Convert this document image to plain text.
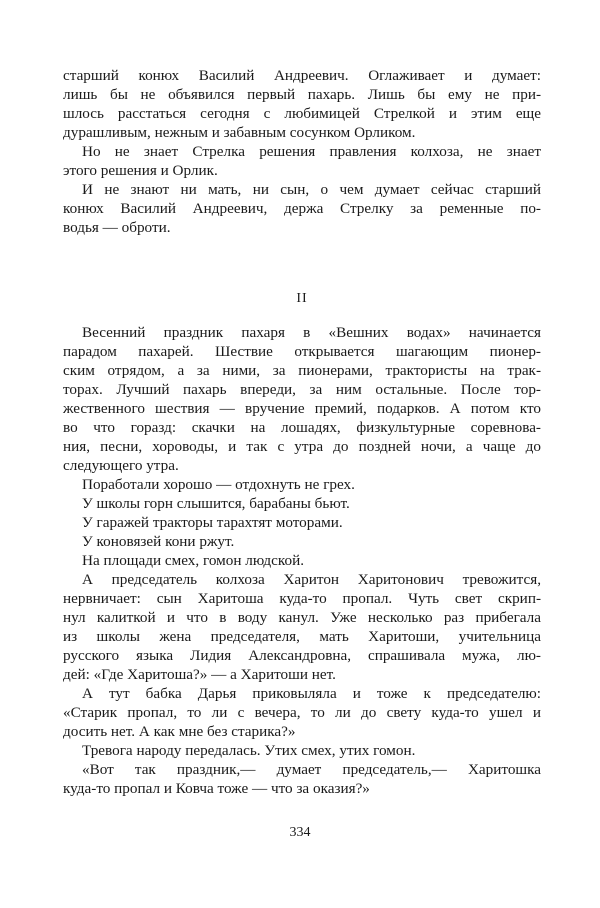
старший конюх Василий Андреевич. Оглаживает и думает:
лишь бы не объявился первый пахарь. Лишь бы ему не при-
шлось расстаться сегодня с любимицей Стрелкой и этим еще
дурашливым, нежным и забавным сосунком Орликом.
Но не знает Стрелка решения правления колхоза, не знает
этого решения и Орлик.
И не знают ни мать, ни сын, о чем думает сейчас старший
конюх Василий Андреевич, держа Стрелку за ременные по-
водья — оброти.
II
Весенний праздник пахаря в «Вешних водах» начинается
парадом пахарей. Шествие открывается шагающим пионер-
ским отрядом, а за ними, за пионерами, трактористы на трак-
торах. Лучший пахарь впереди, за ним остальные. После тор-
жественного шествия — вручение премий, подарков. А потом кто
во что горазд: скачки на лошадях, физкультурные соревнова-
ния, песни, хороводы, и так с утра до поздней ночи, а чаще до
следующего утра.
Поработали хорошо — отдохнуть не грех.
У школы горн слышится, барабаны бьют.
У гаражей тракторы тарахтят моторами.
У коновязей кони ржут.
На площади смех, гомон людской.
А председатель колхоза Харитон Харитонович тревожится,
нервничает: сын Харитоша куда-то пропал. Чуть свет скрип-
нул калиткой и что в воду канул. Уже несколько раз прибегала
из школы жена председателя, мать Харитоши, учительница
русского языка Лидия Александровна, спрашивала мужа, лю-
дей: «Где Харитоша?» — а Харитоши нет.
А тут бабка Дарья приковыляла и тоже к председателю:
«Старик пропал, то ли с вечера, то ли до свету куда-то ушел и
досить нет. А как мне без старика?»
Тревога народу передалась. Утих смех, утих гомон.
«Вот так праздник,— думает председатель,— Харитошка
куда-то пропал и Ковча тоже — что за оказия?»
334
